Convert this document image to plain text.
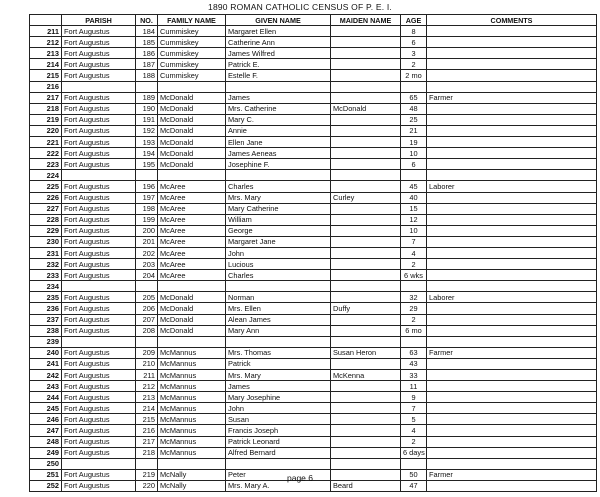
1890 ROMAN CATHOLIC CENSUS OF P. E. I.
	PARISH	NO.	FAMILY NAME	GIVEN NAME	MAIDEN NAME	AGE	COMMENTS
211	Fort Augustus	184	Cummiskey	Margaret Ellen		8	
212	Fort Augustus	185	Cummiskey	Catherine Ann		6	
213	Fort Augustus	186	Cummiskey	James Wilfred		3	
214	Fort Augustus	187	Cummiskey	Patrick E.		2	
215	Fort Augustus	188	Cummiskey	Estelle F.		2 mo	
216							
217	Fort Augustus	189	McDonald	James		65	Farmer
218	Fort Augustus	190	McDonald	Mrs. Catherine	McDonald	48	
219	Fort Augustus	191	McDonald	Mary C.		25	
220	Fort Augustus	192	McDonald	Annie		21	
221	Fort Augustus	193	McDonald	Ellen Jane		19	
222	Fort Augustus	194	McDonald	James Aeneas		10	
223	Fort Augustus	195	McDonald	Josephine F.		6	
224							
225	Fort Augustus	196	McAree	Charles		45	Laborer
226	Fort Augustus	197	McAree	Mrs. Mary	Curley	40	
227	Fort Augustus	198	McAree	Mary Catherine		15	
228	Fort Augustus	199	McAree	William		12	
229	Fort Augustus	200	McAree	George		10	
230	Fort Augustus	201	McAree	Margaret Jane		7	
231	Fort Augustus	202	McAree	John		4	
232	Fort Augustus	203	McAree	Lucious		2	
233	Fort Augustus	204	McAree	Charles		6 wks	
234							
235	Fort Augustus	205	McDonald	Norman		32	Laborer
236	Fort Augustus	206	McDonald	Mrs. Ellen	Duffy	29	
237	Fort Augustus	207	McDonald	Alean James		2	
238	Fort Augustus	208	McDonald	Mary Ann		6 mo	
239							
240	Fort Augustus	209	McMannus	Mrs. Thomas	Susan Heron	63	Farmer
241	Fort Augustus	210	McMannus	Patrick		43	
242	Fort Augustus	211	McMannus	Mrs. Mary	McKenna	33	
243	Fort Augustus	212	McMannus	James		11	
244	Fort Augustus	213	McMannus	Mary Josephine		9	
245	Fort Augustus	214	McMannus	John		7	
246	Fort Augustus	215	McMannus	Susan		5	
247	Fort Augustus	216	McMannus	Francis Joseph		4	
248	Fort Augustus	217	McMannus	Patrick Leonard		2	
249	Fort Augustus	218	McMannus	Alfred Bernard		6 days	
250							
251	Fort Augustus	219	McNally	Peter		50	Farmer
252	Fort Augustus	220	McNally	Mrs. Mary A.	Beard	47	
page 6
